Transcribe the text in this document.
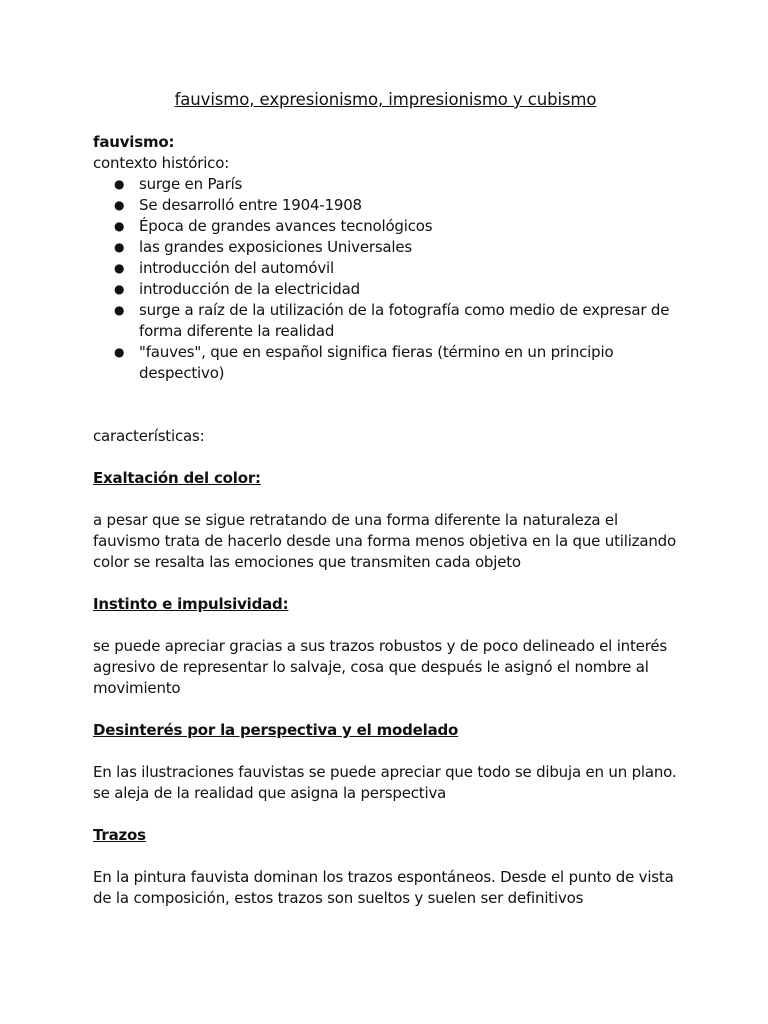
fauvismo, expresionismo, impresionismo y cubismo

fauvismo:

contexto histórico:

● surge en París
● Se desarrolló entre 1904-1908
● Época de grandes avances tecnológicos
● las grandes exposiciones Universales
● introducción del automóvil
● introducción de la electricidad
● surge a raíz de la utilización de la fotografía como medio de expresar de forma diferente la realidad
● "fauves", que en español significa fieras (término en un principio despectivo)

características:

Exaltación del color:

a pesar que se sigue retratando de una forma diferente la naturaleza el fauvismo trata de hacerlo desde una forma menos objetiva en la que utilizando color se resalta las emociones que transmiten cada objeto

Instinto e impulsividad:

se puede apreciar gracias a sus trazos robustos y de poco delineado el interés agresivo de representar lo salvaje, cosa que después le asignó el nombre al movimiento

Desinterés por la perspectiva y el modelado

En las ilustraciones fauvistas se puede apreciar que todo se dibuja en un plano. se aleja de la realidad que asigna la perspectiva

Trazos

En la pintura fauvista dominan los trazos espontáneos. Desde el punto de vista de la composición, estos trazos son sueltos y suelen ser definitivos
